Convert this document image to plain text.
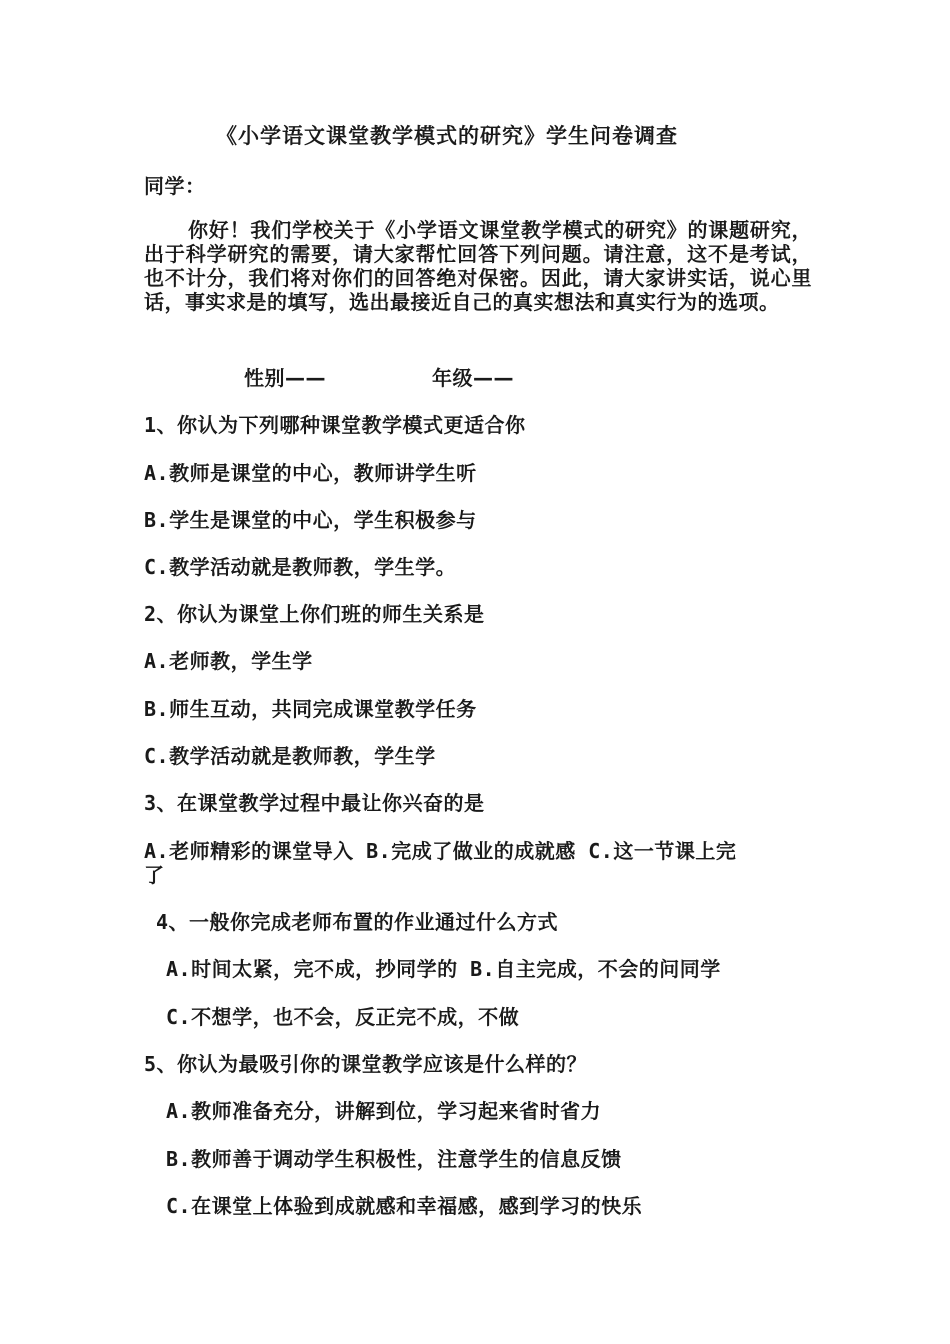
《小学语文课堂教学模式的研究》学生问卷调查
同学：
你好！我们学校关于《小学语文课堂教学模式的研究》的课题研究，出于科学研究的需要，请大家帮忙回答下列问题。请注意，这不是考试，也不计分，我们将对你们的回答绝对保密。因此，请大家讲实话，说心里话，事实求是的填写，选出最接近自己的真实想法和真实行为的选项。
性别——	年级——
1、你认为下列哪种课堂教学模式更适合你
A.教师是课堂的中心，教师讲学生听
B.学生是课堂的中心，学生积极参与
C.教学活动就是教师教，学生学。
2、你认为课堂上你们班的师生关系是
A.老师教，学生学
B.师生互动，共同完成课堂教学任务
C.教学活动就是教师教，学生学
3、在课堂教学过程中最让你兴奋的是
A.老师精彩的课堂导入 B.完成了做业的成就感 C.这一节课上完
了
4、一般你完成老师布置的作业通过什么方式
A.时间太紧，完不成，抄同学的 B.自主完成，不会的问同学
C.不想学，也不会，反正完不成，不做
5、你认为最吸引你的课堂教学应该是什么样的？
A.教师准备充分，讲解到位，学习起来省时省力
B.教师善于调动学生积极性，注意学生的信息反馈
C.在课堂上体验到成就感和幸福感，感到学习的快乐
